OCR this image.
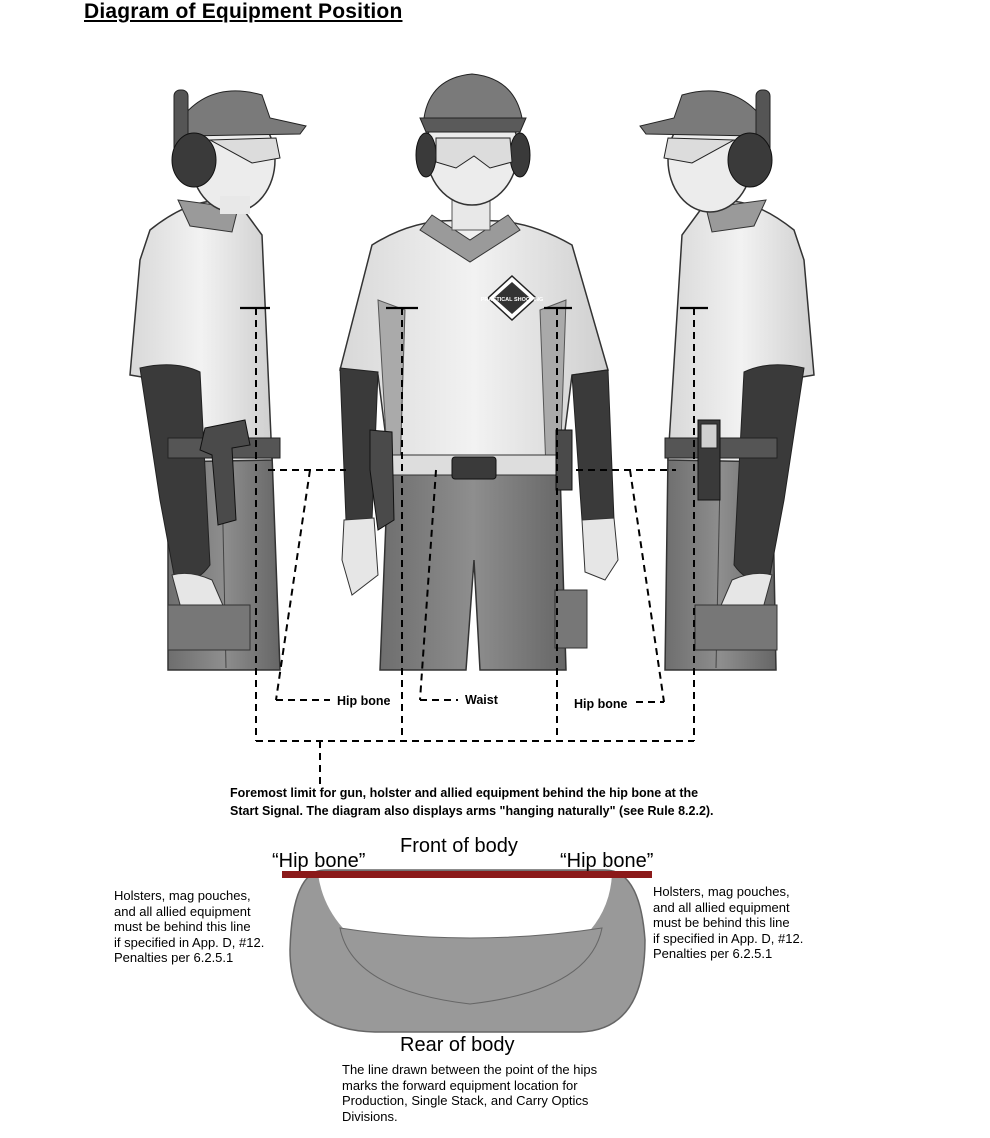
Diagram of Equipment Position
PRACTICAL SHOOTING
Hip bone	Waist	Hip bone
Foremost limit for gun, holster and allied equipment behind the hip bone at the
Start Signal. The diagram also displays arms "hanging naturally" (see Rule 8.2.2).
Front of body
“Hip bone”	“Hip bone”
Rear of body
Holsters, mag pouches,
and all allied equipment
must be behind this line
if specified in App. D, #12.
Penalties per 6.2.5.1
Holsters, mag pouches,
and all allied equipment
must be behind this line
if specified in App. D, #12.
Penalties per 6.2.5.1
The line drawn between the point of the hips
marks the forward equipment location for
Production, Single Stack, and Carry Optics
Divisions.
